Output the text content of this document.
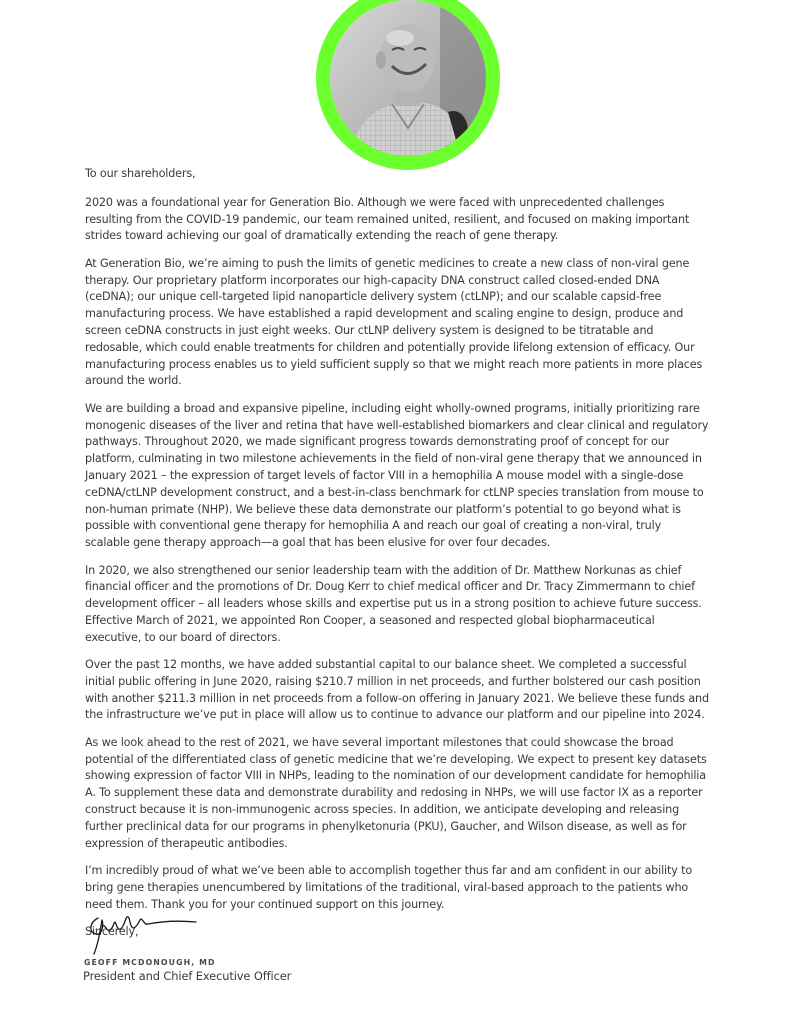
To our shareholders,

2020 was a foundational year for Generation Bio. Although we were faced with unprecedented challenges resulting from the COVID-19 pandemic, our team remained united, resilient, and focused on making important strides toward achieving our goal of dramatically extending the reach of gene therapy.

At Generation Bio, we’re aiming to push the limits of genetic medicines to create a new class of non-viral gene therapy. Our proprietary platform incorporates our high-capacity DNA construct called closed-ended DNA (ceDNA); our unique cell-targeted lipid nanoparticle delivery system (ctLNP); and our scalable capsid-free manufacturing process. We have established a rapid development and scaling engine to design, produce and screen ceDNA constructs in just eight weeks. Our ctLNP delivery system is designed to be titratable and redosable, which could enable treatments for children and potentially provide lifelong extension of efficacy. Our manufacturing process enables us to yield sufficient supply so that we might reach more patients in more places around the world.

We are building a broad and expansive pipeline, including eight wholly-owned programs, initially prioritizing rare monogenic diseases of the liver and retina that have well-established biomarkers and clear clinical and regulatory pathways. Throughout 2020, we made significant progress towards demonstrating proof of concept for our platform, culminating in two milestone achievements in the field of non-viral gene therapy that we announced in January 2021 – the expression of target levels of factor VIII in a hemophilia A mouse model with a single-dose ceDNA/ctLNP development construct, and a best-in-class benchmark for ctLNP species translation from mouse to non-human primate (NHP). We believe these data demonstrate our platform’s potential to go beyond what is possible with conventional gene therapy for hemophilia A and reach our goal of creating a non-viral, truly scalable gene therapy approach—a goal that has been elusive for over four decades.

In 2020, we also strengthened our senior leadership team with the addition of Dr. Matthew Norkunas as chief financial officer and the promotions of Dr. Doug Kerr to chief medical officer and Dr. Tracy Zimmermann to chief development officer – all leaders whose skills and expertise put us in a strong position to achieve future success. Effective March of 2021, we appointed Ron Cooper, a seasoned and respected global biopharmaceutical executive, to our board of directors.

Over the past 12 months, we have added substantial capital to our balance sheet. We completed a successful initial public offering in June 2020, raising $210.7 million in net proceeds, and further bolstered our cash position with another $211.3 million in net proceeds from a follow-on offering in January 2021. We believe these funds and the infrastructure we’ve put in place will allow us to continue to advance our platform and our pipeline into 2024.

As we look ahead to the rest of 2021, we have several important milestones that could showcase the broad potential of the differentiated class of genetic medicine that we’re developing. We expect to present key datasets showing expression of factor VIII in NHPs, leading to the nomination of our development candidate for hemophilia A. To supplement these data and demonstrate durability and redosing in NHPs, we will use factor IX as a reporter construct because it is non-immunogenic across species. In addition, we anticipate developing and releasing further preclinical data for our programs in phenylketonuria (PKU), Gaucher, and Wilson disease, as well as for expression of therapeutic antibodies.

I’m incredibly proud of what we’ve been able to accomplish together thus far and am confident in our ability to bring gene therapies unencumbered by limitations of the traditional, viral-based approach to the patients who need them. Thank you for your continued support on this journey.

Sincerely,

GEOFF MCDONOUGH, MD
President and Chief Executive Officer
